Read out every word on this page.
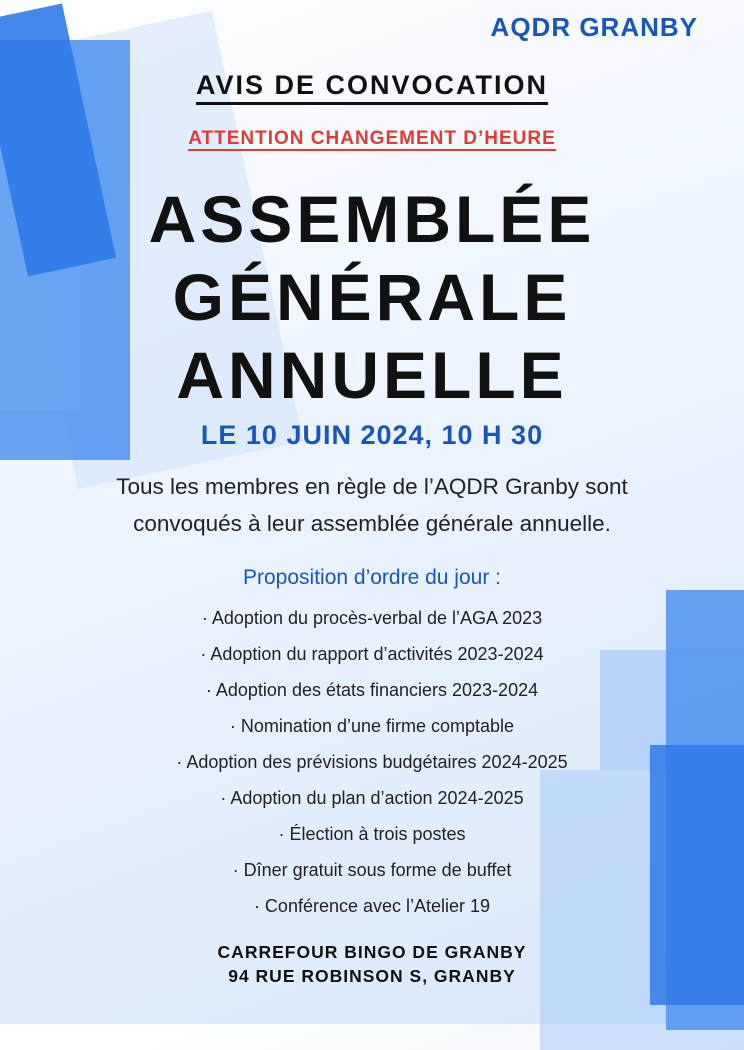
AQDR GRANBY
AVIS DE CONVOCATION
ATTENTION CHANGEMENT D’HEURE
ASSEMBLÉE
GÉNÉRALE
ANNUELLE
LE 10 JUIN 2024, 10 H 30
Tous les membres en règle de l’AQDR Granby sont
convoqués à leur assemblée générale annuelle.
Proposition d’ordre du jour :
· Adoption du procès-verbal de l’AGA 2023
· Adoption du rapport d’activités 2023-2024
· Adoption des états financiers 2023-2024
· Nomination d’une firme comptable
· Adoption des prévisions budgétaires 2024-2025
· Adoption du plan d’action 2024-2025
· Élection à trois postes
· Dîner gratuit sous forme de buffet
· Conférence avec l’Atelier 19
CARREFOUR BINGO DE GRANBY
94 RUE ROBINSON S, GRANBY
